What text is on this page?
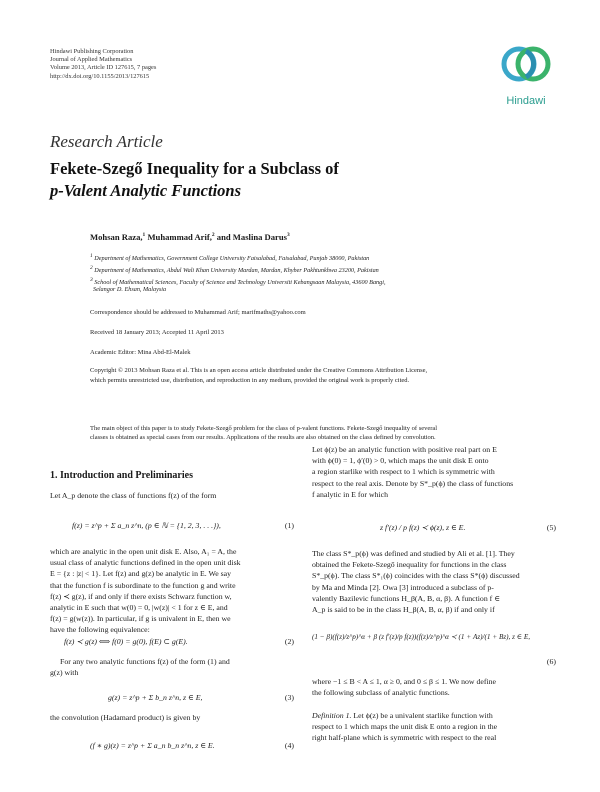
Hindawi Publishing Corporation
Journal of Applied Mathematics
Volume 2013, Article ID 127615, 7 pages
http://dx.doi.org/10.1155/2013/127615
Hindawi
Research Article
Fekete-Szegő Inequality for a Subclass of
p-Valent Analytic Functions
Mohsan Raza,$^1$ Muhammad Arif,$^2$ and Maslina Darus$^3$
1 Department of Mathematics, Government College University Faisalabad, Faisalabad, Punjab 38000, Pakistan
2 Department of Mathematics, Abdul Wali Khan University Mardan, Mardan, Khyber Pakhtunkhwa 23200, Pakistan
3 School of Mathematical Sciences, Faculty of Science and Technology Universiti Kebangsaan Malaysia, 43600 Bangi,
Selangor D. Ehsan, Malaysia
Correspondence should be addressed to Muhammad Arif; marifmaths@yahoo.com
Received 18 January 2013; Accepted 11 April 2013
Academic Editor: Mina Abd-El-Malek
Copyright © 2013 Mohsan Raza et al. This is an open access article distributed under the Creative Commons Attribution License,
which permits unrestricted use, distribution, and reproduction in any medium, provided the original work is properly cited.
The main object of this paper is to study Fekete-Szegő problem for the class of p-valent functions. Fekete-Szegő inequality of several
classes is obtained as special cases from our results. Applications of the results are also obtained on the class defined by convolution.
1. Introduction and Preliminaries
Let A_p denote the class of functions f(z) of the form
f(z) = z^p + Σ a_n z^n, (p ∈ ℕ = {1, 2, 3, . . .}),	(1)
which are analytic in the open unit disk E. Also, A₁ = A, the
usual class of analytic functions defined in the open unit disk
E = {z : |z| < 1}. Let f(z) and g(z) be analytic in E. We say
that the function f is subordinate to the function g and write
f(z) ≺ g(z), if and only if there exists Schwarz function w,
analytic in E such that w(0) = 0, |w(z)| < 1 for z ∈ E, and
f(z) = g(w(z)). In particular, if g is univalent in E, then we
have the following equivalence:
f(z) ≺ g(z) ⟺ f(0) = g(0), f(E) ⊂ g(E).	(2)
For any two analytic functions f(z) of the form (1) and
g(z) with
g(z) = z^p + Σ b_n z^n, z ∈ E,	(3)
the convolution (Hadamard product) is given by
(f ∗ g)(z) = z^p + Σ a_n b_n z^n, z ∈ E.	(4)
Let ϕ(z) be an analytic function with positive real part on E
with ϕ(0) = 1, ϕ′(0) > 0, which maps the unit disk E onto
a region starlike with respect to 1 which is symmetric with
respect to the real axis. Denote by S*_p(ϕ) the class of functions
f analytic in E for which
z f′(z) / p f(z) ≺ ϕ(z), z ∈ E.	(5)
The class S*_p(ϕ) was defined and studied by Ali et al. [1]. They
obtained the Fekete-Szegő inequality for functions in the class
S*_p(ϕ). The class S*₁(ϕ) coincides with the class S*(ϕ) discussed
by Ma and Minda [2]. Owa [3] introduced a subclass of p-
valently Bazilevic functions H_β(A, B, α, β). A function f ∈
A_p is said to be in the class H_β(A, B, α, β) if and only if
(1 − β)(f(z)/z^p)^α + β (z f′(z)/p f(z))(f(z)/z^p)^α ≺ (1 + Az)/(1 + Bz), z ∈ E,
(6)
where −1 ≤ B < A ≤ 1, α ≥ 0, and 0 ≤ β ≤ 1. We now define
the following subclass of analytic functions.
Definition 1. Let ϕ(z) be a univalent starlike function with
respect to 1 which maps the unit disk E onto a region in the
right half-plane which is symmetric with respect to the real
